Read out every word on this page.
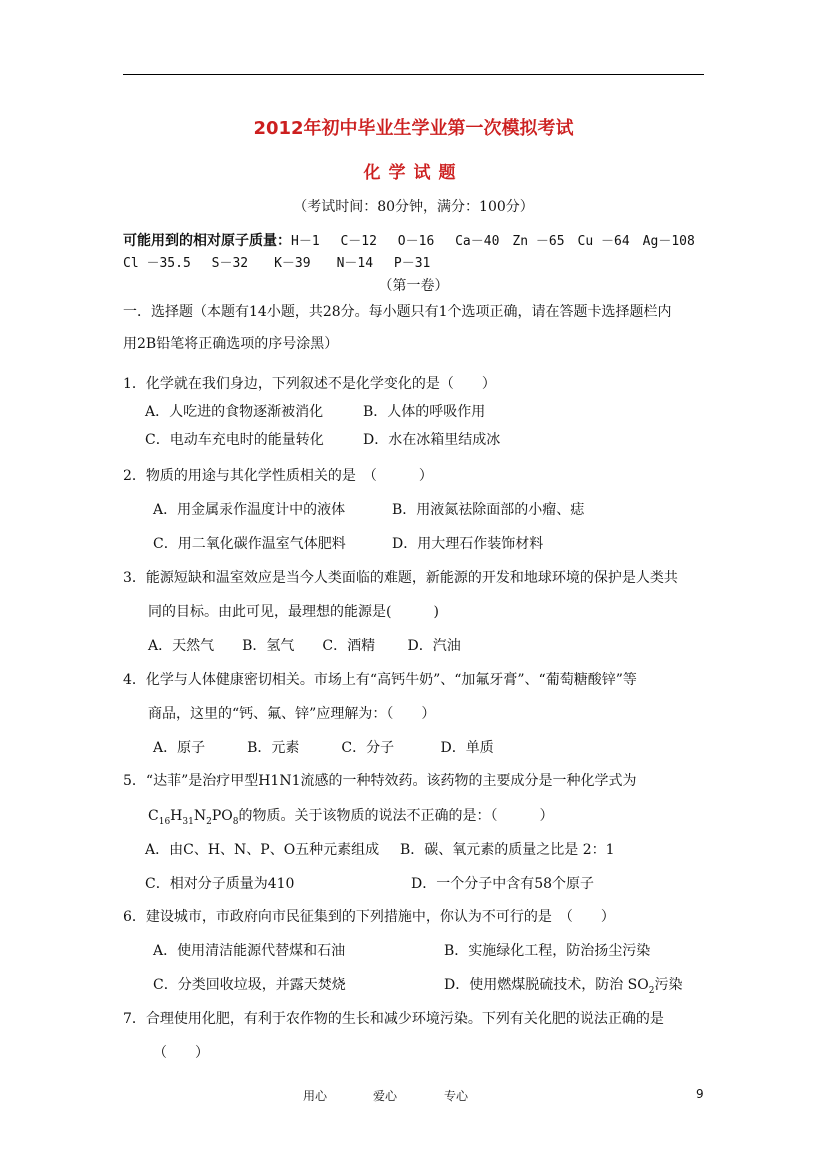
2012年初中毕业生学业第一次模拟考试
化学试题
（考试时间：80分钟，满分：100分）
可能用到的相对原子质量：H－1　 C－12　 O－16　 Ca－40　Zn －65　Cu －64　Ag－108
Cl －35.5　 S－32　　K－39　　N－14　 P－31
（第一卷）
一．选择题（本题有14小题，共28分。每小题只有1个选项正确，请在答题卡选择题栏内
用2B铅笔将正确选项的序号涂黑）
1．化学就在我们身边，下列叙述不是化学变化的是（　　）
A．人吃进的食物逐渐被消化	B．人体的呼吸作用
C．电动车充电时的能量转化	D．水在冰箱里结成冰
2．物质的用途与其化学性质相关的是　（　　　）
A．用金属汞作温度计中的液体	B．用液氮祛除面部的小瘤、痣
C．用二氧化碳作温室气体肥料	D．用大理石作装饰材料
3．能源短缺和温室效应是当今人类面临的难题，新能源的开发和地球环境的保护是人类共
同的目标。由此可见，最理想的能源是(　　　)
A．天然气　　B．氢气　　C．酒精　　 D．汽油
4．化学与人体健康密切相关。市场上有“高钙牛奶”、“加氟牙膏”、“葡萄糖酸锌”等
商品，这里的“钙、氟、锌”应理解为：（　　）
A．原子　　　B．元素　　　C．分子　　　 D．单质
5．“达菲”是治疗甲型H1N1流感的一种特效药。该药物的主要成分是一种化学式为
$C_{16}H_{31}N_2PO_8$的物质。关于该物质的说法不正确的是：（　　　）
A．由C、H、N、P、O五种元素组成 B．碳、氧元素的质量之比是 2：1
C．相对分子质量为410	D．一个分子中含有58个原子
6．建设城市，市政府向市民征集到的下列措施中，你认为不可行的是　（　　）
A．使用清洁能源代替煤和石油	B．实施绿化工程，防治扬尘污染
C．分类回收垃圾，并露天焚烧	D．使用燃煤脱硫技术，防治 $SO_2$污染
7．合理使用化肥，有利于农作物的生长和减少环境污染。下列有关化肥的说法正确的是
（　　）
用心	爱心	专心	9
